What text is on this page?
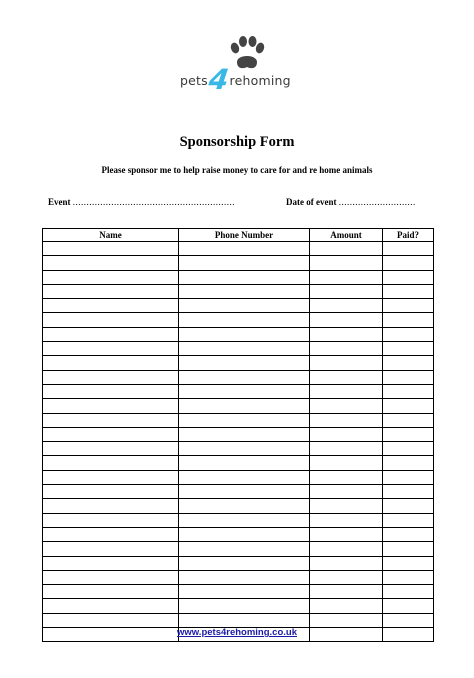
pets4rehoming
Sponsorship Form
Please sponsor me to help raise money to care for and re home animals
Event ...........................................................	Date of event ............................
Name	Phone Number	Amount	Paid?

www.pets4rehoming.co.uk
